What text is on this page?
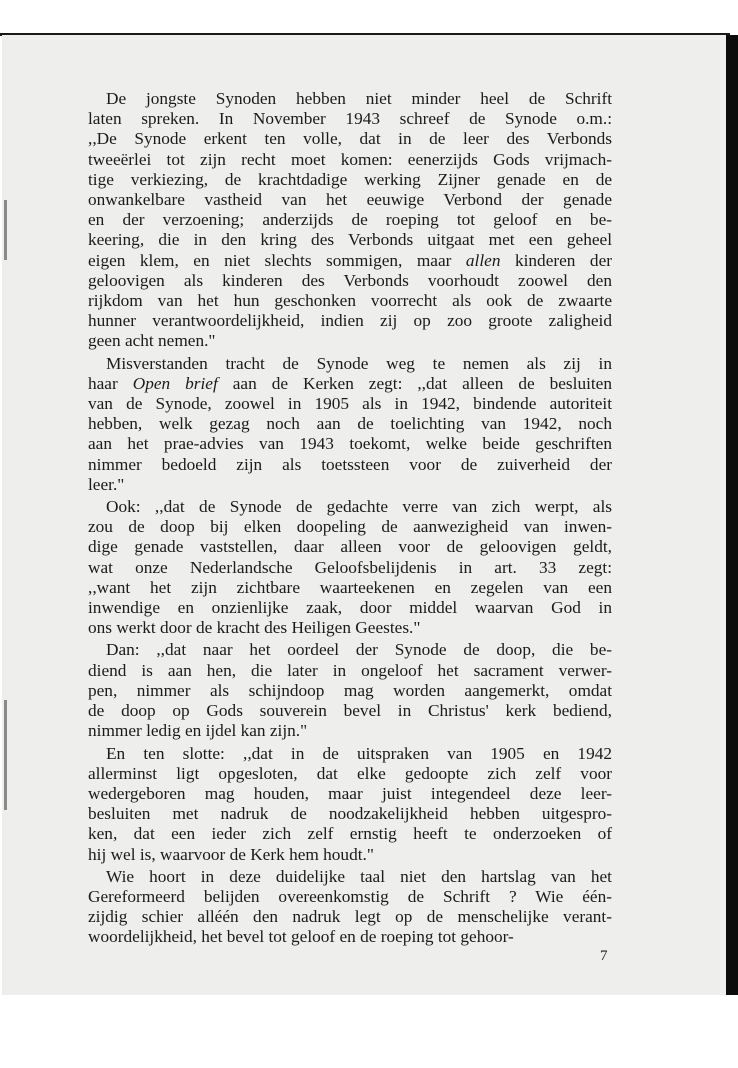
De jongste Synoden hebben niet minder heel de Schrift
laten spreken. In November 1943 schreef de Synode o.m.:
,,De Synode erkent ten volle, dat in de leer des Verbonds
tweeërlei tot zijn recht moet komen: eenerzijds Gods vrijmach-
tige verkiezing, de krachtdadige werking Zijner genade en de
onwankelbare vastheid van het eeuwige Verbond der genade
en der verzoening; anderzijds de roeping tot geloof en be-
keering, die in den kring des Verbonds uitgaat met een geheel
eigen klem, en niet slechts sommigen, maar allen kinderen der
geloovigen als kinderen des Verbonds voorhoudt zoowel den
rijkdom van het hun geschonken voorrecht als ook de zwaarte
hunner verantwoordelijkheid, indien zij op zoo groote zaligheid
geen acht nemen."

Misverstanden tracht de Synode weg te nemen als zij in
haar Open brief aan de Kerken zegt: ,,dat alleen de besluiten
van de Synode, zoowel in 1905 als in 1942, bindende autoriteit
hebben, welk gezag noch aan de toelichting van 1942, noch
aan het prae-advies van 1943 toekomt, welke beide geschriften
nimmer bedoeld zijn als toetssteen voor de zuiverheid der
leer."

Ook: ,,dat de Synode de gedachte verre van zich werpt, als
zou de doop bij elken doopeling de aanwezigheid van inwen-
dige genade vaststellen, daar alleen voor de geloovigen geldt,
wat onze Nederlandsche Geloofsbelijdenis in art. 33 zegt:
,,want het zijn zichtbare waarteekenen en zegelen van een
inwendige en onzienlijke zaak, door middel waarvan God in
ons werkt door de kracht des Heiligen Geestes."

Dan: ,,dat naar het oordeel der Synode de doop, die be-
diend is aan hen, die later in ongeloof het sacrament verwer-
pen, nimmer als schijndoop mag worden aangemerkt, omdat
de doop op Gods souverein bevel in Christus' kerk bediend,
nimmer ledig en ijdel kan zijn."

En ten slotte: ,,dat in de uitspraken van 1905 en 1942
allerminst ligt opgesloten, dat elke gedoopte zich zelf voor
wedergeboren mag houden, maar juist integendeel deze leer-
besluiten met nadruk de noodzakelijkheid hebben uitgespro-
ken, dat een ieder zich zelf ernstig heeft te onderzoeken of
hij wel is, waarvoor de Kerk hem houdt."

Wie hoort in deze duidelijke taal niet den hartslag van het
Gereformeerd belijden overeenkomstig de Schrift ? Wie één-
zijdig schier alléén den nadruk legt op de menschelijke verant-
woordelijkheid, het bevel tot geloof en de roeping tot gehoor-

7
